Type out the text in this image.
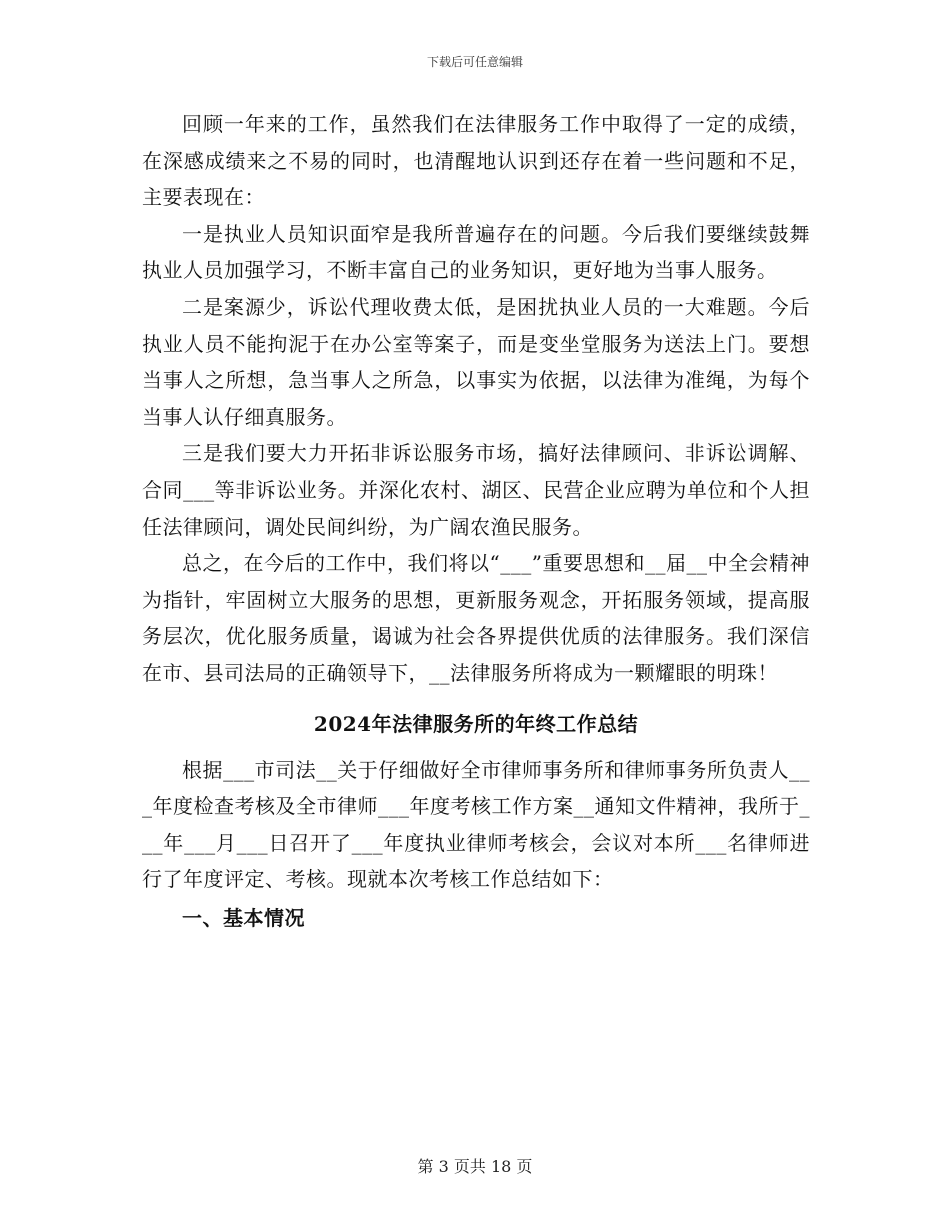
下载后可任意编辑

回顾一年来的工作，虽然我们在法律服务工作中取得了一定的成绩，在深感成绩来之不易的同时，也清醒地认识到还存在着一些问题和不足，主要表现在：

一是执业人员知识面窄是我所普遍存在的问题。今后我们要继续鼓舞执业人员加强学习，不断丰富自己的业务知识，更好地为当事人服务。

二是案源少，诉讼代理收费太低，是困扰执业人员的一大难题。今后执业人员不能拘泥于在办公室等案子，而是变坐堂服务为送法上门。要想当事人之所想，急当事人之所急，以事实为依据，以法律为准绳，为每个当事人认仔细真服务。

三是我们要大力开拓非诉讼服务市场，搞好法律顾问、非诉讼调解、合同___等非诉讼业务。并深化农村、湖区、民营企业应聘为单位和个人担任法律顾问，调处民间纠纷，为广阔农渔民服务。

总之，在今后的工作中，我们将以“___”重要思想和__届__中全会精神为指针，牢固树立大服务的思想，更新服务观念，开拓服务领域，提高服务层次，优化服务质量，谒诚为社会各界提供优质的法律服务。我们深信在市、县司法局的正确领导下，__法律服务所将成为一颗耀眼的明珠！

2024年法律服务所的年终工作总结

根据___市司法__关于仔细做好全市律师事务所和律师事务所负责人___年度检查考核及全市律师___年度考核工作方案__通知文件精神，我所于___年___月___日召开了___年度执业律师考核会，会议对本所___名律师进行了年度评定、考核。现就本次考核工作总结如下：

一、基本情况
第 3 页共 18 页
